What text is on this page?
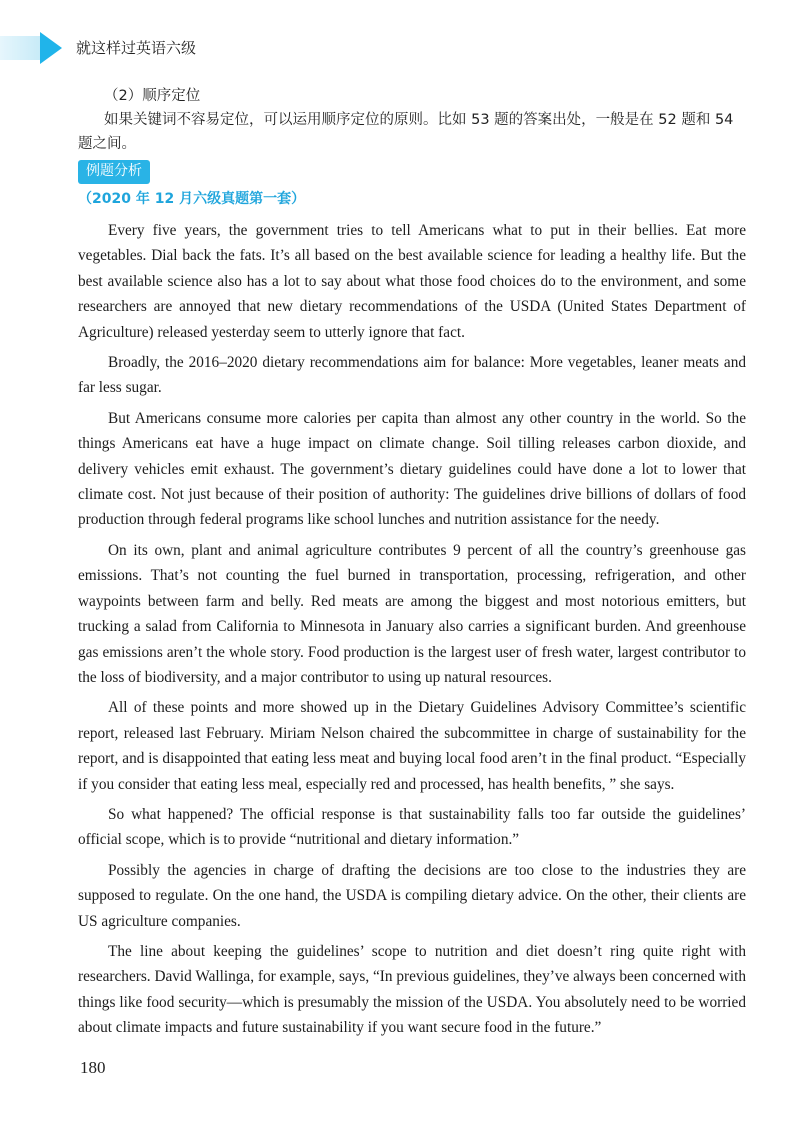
就这样过英语六级
（2）顺序定位

如果关键词不容易定位，可以运用顺序定位的原则。比如 53 题的答案出处，一般是在 52 题和 54 题之间。

例题分析
（2020 年 12 月六级真题第一套）

Every five years, the government tries to tell Americans what to put in their bellies. Eat more vegetables. Dial back the fats. It’s all based on the best available science for leading a healthy life. But the best available science also has a lot to say about what those food choices do to the environment, and some researchers are annoyed that new dietary recommendations of the USDA (United States Department of Agriculture) released yesterday seem to utterly ignore that fact.

Broadly, the 2016–2020 dietary recommendations aim for balance: More vegetables, leaner meats and far less sugar.

But Americans consume more calories per capita than almost any other country in the world. So the things Americans eat have a huge impact on climate change. Soil tilling releases carbon dioxide, and delivery vehicles emit exhaust. The government’s dietary guidelines could have done a lot to lower that climate cost. Not just because of their position of authority: The guidelines drive billions of dollars of food production through federal programs like school lunches and nutrition assistance for the needy.

On its own, plant and animal agriculture contributes 9 percent of all the country’s greenhouse gas emissions. That’s not counting the fuel burned in transportation, processing, refrigeration, and other waypoints between farm and belly. Red meats are among the biggest and most notorious emitters, but trucking a salad from California to Minnesota in January also carries a significant burden. And greenhouse gas emissions aren’t the whole story. Food production is the largest user of fresh water, largest contributor to the loss of biodiversity, and a major contributor to using up natural resources.

All of these points and more showed up in the Dietary Guidelines Advisory Committee’s scientific report, released last February. Miriam Nelson chaired the subcommittee in charge of sustainability for the report, and is disappointed that eating less meat and buying local food aren’t in the final product. “Especially if you consider that eating less meal, especially red and processed, has health benefits, ” she says.

So what happened? The official response is that sustainability falls too far outside the guidelines’ official scope, which is to provide “nutritional and dietary information.”

Possibly the agencies in charge of drafting the decisions are too close to the industries they are supposed to regulate. On the one hand, the USDA is compiling dietary advice. On the other, their clients are US agriculture companies.

The line about keeping the guidelines’ scope to nutrition and diet doesn’t ring quite right with researchers. David Wallinga, for example, says, “In previous guidelines, they’ve always been concerned with things like food security—which is presumably the mission of the USDA. You absolutely need to be worried about climate impacts and future sustainability if you want secure food in the future.”

180
